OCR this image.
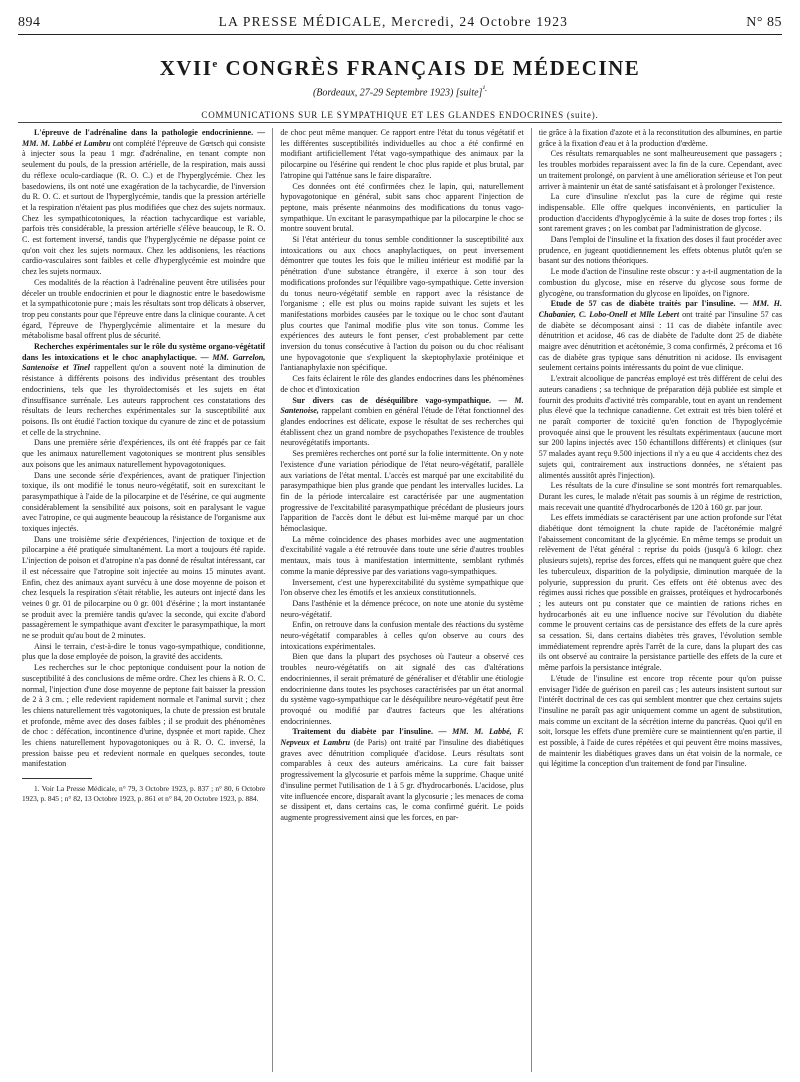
894	LA PRESSE MÉDICALE, Mercredi, 24 Octobre 1923	N° 85
XVIIe CONGRÈS FRANÇAIS DE MÉDECINE
(Bordeaux, 27-29 Septembre 1923) [suite]$^{^1.}$
COMMUNICATIONS SUR LE SYMPATHIQUE ET LES GLANDES ENDOCRINES (suite).

L'épreuve de l'adrénaline dans la pathologie endocrinienne. — MM. M. Labbé et Lambru ont complété l'épreuve de Gœtsch qui consiste à injecter sous la peau 1 mgr. d'adrénaline, en tenant compte non seulement du pouls, de la pression artérielle, de la respiration, mais aussi du réflexe oculo-cardiaque (R. O. C.) et de l'hyperglycémie. Chez les basedowiens, ils ont noté une exagération de la tachycardie, de l'inversion du R. O. C. et surtout de l'hyperglycémie, tandis que la pression artérielle et la respiration n'étaient pas plus modifiées que chez des sujets normaux. Chez les sympathicotoniques, la réaction tachycardique est variable, parfois très considérable, la pression artérielle s'élève beaucoup, le R. O. C. est fortement inversé, tandis que l'hyperglycémie ne dépasse point ce qu'on voit chez les sujets normaux. Chez les addisoniens, les réactions cardio-vasculaires sont faibles et celle d'hyperglycémie est moindre que chez les sujets normaux.

Ces modalités de la réaction à l'adrénaline peuvent être utilisées pour déceler un trouble endocrinien et pour le diagnostic entre le basedowisme et la sympathicotonie pure ; mais les résultats sont trop délicats à observer, trop peu constants pour que l'épreuve entre dans la clinique courante. A cet égard, l'épreuve de l'hyperglycémie alimentaire et la mesure du métabolisme basal offrent plus de sécurité.

Recherches expérimentales sur le rôle du système organo-végétatif dans les intoxications et le choc anaphylactique. — MM. Garrelon, Santenoise et Tinel rappellent qu'on a souvent noté la diminution de résistance à différents poisons des individus présentant des troubles endocriniens, tels que les thyroïdectomisés et les sujets en état d'insuffisance surrénale. Les auteurs rapprochent ces constatations des résultats de leurs recherches expérimentales sur la susceptibilité aux poisons. Ils ont étudié l'action toxique du cyanure de zinc et de potassium et celle de la strychnine.

Dans une première série d'expériences, ils ont été frappés par ce fait que les animaux naturellement vagotoniques se montrent plus sensibles aux poisons que les animaux naturellement hypovagotoniques.

Dans une seconde série d'expériences, avant de pratiquer l'injection toxique, ils ont modifié le tonus neuro-végétatif, soit en surexcitant le parasympathique à l'aide de la pilocarpine et de l'ésérine, ce qui augmente considérablement la sensibilité aux poisons, soit en paralysant le vague avec l'atropine, ce qui augmente beaucoup la résistance de l'organisme aux toxiques injectés.

Dans une troisième série d'expériences, l'injection de toxique et de pilocarpine a été pratiquée simultanément. La mort a toujours été rapide. L'injection de poison et d'atropine n'a pas donné de résultat intéressant, car il est nécessaire que l'atropine soit injectée au moins 15 minutes avant. Enfin, chez des animaux ayant survécu à une dose moyenne de poison et chez lesquels la respiration s'était rétablie, les auteurs ont injecté dans les veines 0 gr. 01 de pilocarpine ou 0 gr. 001 d'ésérine ; la mort instantanée se produit avec la première tandis qu'avec la seconde, qui excite d'abord passagèrement le sympathique avant d'exciter le parasympathique, la mort ne se produit qu'au bout de 2 minutes.

Ainsi le terrain, c'est-à-dire le tonus vago-sympathique, conditionne, plus que la dose employée de poison, la gravité des accidents.

Les recherches sur le choc peptonique conduisent pour la notion de susceptibilité à des conclusions de même ordre. Chez les chiens à R. O. C. normal, l'injection d'une dose moyenne de peptone fait baisser la pression de 2 à 3 cm. ; elle redevient rapidement normale et l'animal survit ; chez les chiens naturellement très vagotoniques, la chute de pression est brutale et profonde, même avec des doses faibles ; il se produit des phénomènes de choc : défécation, incontinence d'urine, dyspnée et mort rapide. Chez les chiens naturellement hypovagotoniques ou à R. O. C. inversé, la pression baisse peu et redevient normale en quelques secondes, toute manifestation

1. Voir La Presse Médicale, n° 79, 3 Octobre 1923, p. 837 ; n° 80, 6 Octobre 1923, p. 845 ; n° 82, 13 Octobre 1923, p. 861 et n° 84, 20 Octobre 1923, p. 884.

de choc peut même manquer. Ce rapport entre l'état du tonus végétatif et les différentes susceptibilités individuelles au choc a été confirmé en modifiant artificiellement l'état vago-sympathique des animaux par la pilocarpine ou l'ésérine qui rendent le choc plus rapide et plus brutal, par l'atropine qui l'atténue sans le faire disparaître.

Ces données ont été confirmées chez le lapin, qui, naturellement hypovagotonique en général, subit sans choc apparent l'injection de peptone, mais présente néanmoins des modifications du tonus vago-sympathique. Un excitant le parasympathique par la pilocarpine le choc se montre souvent brutal.

Si l'état antérieur du tonus semble conditionner la susceptibilité aux intoxications ou aux chocs anaphylactiques, on peut inversement démontrer que toutes les fois que le milieu intérieur est modifié par la pénétration d'une substance étrangère, il exerce à son tour des modifications profondes sur l'équilibre vago-sympathique. Cette inversion du tonus neuro-végétatif semble en rapport avec la résistance de l'organisme ; elle est plus ou moins rapide suivant les sujets et les manifestations morbides causées par le toxique ou le choc sont d'autant plus courtes que l'animal modifie plus vite son tonus. Comme les expériences des auteurs le font penser, c'est probablement par cette inversion du tonus consécutive à l'action du poison ou du choc réalisant une hypovagotonie que s'expliquent la skeptophylaxie protéinique et l'antianaphylaxie non spécifique.

Ces faits éclairent le rôle des glandes endocrines dans les phénomènes de choc et d'intoxication

Sur divers cas de déséquilibre vago-sympathique. — M. Santenoise, rappelant combien en général l'étude de l'état fonctionnel des glandes endocrines est délicate, expose le résultat de ses recherches qui établissent chez un grand nombre de psychopathes l'existence de troubles neurovégétatifs importants.

Ses premières recherches ont porté sur la folie intermittente. On y note l'existence d'une variation périodique de l'état neuro-végétatif, parallèle aux variations de l'état mental. L'accès est marqué par une excitabilité du parasympathique bien plus grande que pendant les intervalles lucides. La fin de la période intercalaire est caractérisée par une augmentation progressive de l'excitabilité parasympathique précédant de plusieurs jours l'apparition de l'accès dont le début est lui-même marqué par un choc hémoclasique.

La même coïncidence des phases morbides avec une augmentation d'excitabilité vagale a été retrouvée dans toute une série d'autres troubles mentaux, mais tous à manifestation intermittente, semblant rythmés comme la manie dépressive par des variations vago-sympathiques.

Inversement, c'est une hyperexcitabilité du système sympathique que l'on observe chez les émotifs et les anxieux constitutionnels.

Dans l'asthénie et la démence précoce, on note une atonie du système neuro-végétatif.

Enfin, on retrouve dans la confusion mentale des réactions du système neuro-végétatif comparables à celles qu'on observe au cours des intoxications expérimentales.

Bien que dans la plupart des psychoses où l'auteur a observé ces troubles neuro-végétatifs on ait signalé des cas d'altérations endocriniennes, il serait prématuré de généraliser et d'établir une étiologie endocrinienne dans toutes les psychoses caractérisées par un état anormal du système vago-sympathique car le déséquilibre neuro-végétatif peut être provoqué ou modifié par d'autres facteurs que les altérations endocriniennes.

Traitement du diabète par l'insuline. — MM. M. Labbé, F. Nepveux et Lambru (de Paris) ont traité par l'insuline des diabétiques graves avec dénutrition compliquée d'acidose. Leurs résultats sont comparables à ceux des auteurs américains. La cure fait baisser progressivement la glycosurie et parfois même la supprime. Chaque unité d'insuline permet l'utilisation de 1 à 5 gr. d'hydrocarbonés. L'acidose, plus vite influencée encore, disparaît avant la glycosurie ; les menaces de coma se dissipent et, dans certains cas, le coma confirmé guérit. Le poids augmente progressivement ainsi que les forces, en par-

tie grâce à la fixation d'azote et à la reconstitution des albumines, en partie grâce à la fixation d'eau et à la production d'œdème.

Ces résultats remarquables ne sont malheureusement que passagers ; les troubles morbides reparaissent avec la fin de la cure. Cependant, avec un traitement prolongé, on parvient à une amélioration sérieuse et l'on peut arriver à maintenir un état de santé satisfaisant et à prolonger l'existence.

La cure d'insuline n'exclut pas la cure de régime qui reste indispensable. Elle offre quelques inconvénients, en particulier la production d'accidents d'hypoglycémie à la suite de doses trop fortes ; ils sont rarement graves ; on les combat par l'administration de glycose.

Dans l'emploi de l'insuline et la fixation des doses il faut procéder avec prudence, en jugeant quotidiennement les effets obtenus plutôt qu'en se basant sur des notions théoriques.

Le mode d'action de l'insuline reste obscur : y a-t-il augmentation de la combustion du glycose, mise en réserve du glycose sous forme de glycogène, ou transformation du glycose en lipoïdes, on l'ignore.

Etude de 57 cas de diabète traités par l'insuline. — MM. H. Chabanier, C. Lobo-Onell et Mlle Lebert ont traité par l'insuline 57 cas de diabète se décomposant ainsi : 11 cas de diabète infantile avec dénutrition et acidose, 46 cas de diabète de l'adulte dont 25 de diabète maigre avec dénutrition et acétonémie, 3 coma confirmés, 2 précoma et 16 cas de diabète gras typique sans dénutrition ni acidose. Ils envisagent seulement certains points intéressants du point de vue clinique.

L'extrait alcoolique de pancréas employé est très différent de celui des auteurs canadiens ; sa technique de préparation déjà publiée est simple et fournit des produits d'activité très comparable, tout en ayant un rendement plus élevé que la technique canadienne. Cet extrait est très bien toléré et ne paraît comporter de toxicité qu'en fonction de l'hypoglycémie provoquée ainsi que le prouvent les résultats expérimentaux (aucune mort sur 200 lapins injectés avec 150 échantillons différents) et cliniques (sur 57 malades ayant reçu 9.500 injections il n'y a eu que 4 accidents chez des sujets qui, contrairement aux instructions données, ne s'étaient pas alimentés aussitôt après l'injection).

Les résultats de la cure d'insuline se sont montrés fort remarquables. Durant les cures, le malade n'était pas soumis à un régime de restriction, mais recevait une quantité d'hydrocarbonés de 120 à 160 gr. par jour.

Les effets immédiats se caractérisent par une action profonde sur l'état diabétique dont témoignent la chute rapide de l'acétonémie malgré l'abaissement concomitant de la glycémie. En même temps se produit un relèvement de l'état général : reprise du poids (jusqu'à 6 kilogr. chez plusieurs sujets), reprise des forces, effets qui ne manquent guère que chez les tuberculeux, disparition de la polydipsie, diminution marquée de la polyurie, suppression du prurit. Ces effets ont été obtenus avec des régimes aussi riches que possible en graisses, protéiques et hydrocarbonés ; les auteurs ont pu constater que ce maintien de rations riches en hydrocarbonés ait eu une influence nocive sur l'évolution du diabète comme le prouvent certains cas de persistance des effets de la cure après sa cessation. Si, dans certains diabètes très graves, l'évolution semble immédiatement reprendre après l'arrêt de la cure, dans la plupart des cas ils ont observé au contraire la persistance partielle des effets de la cure et même parfois la persistance intégrale.

L'étude de l'insuline est encore trop récente pour qu'on puisse envisager l'idée de guérison en pareil cas ; les auteurs insistent surtout sur l'intérêt doctrinal de ces cas qui semblent montrer que chez certains sujets l'insuline ne paraît pas agir uniquement comme un agent de substitution, mais comme un excitant de la sécrétion interne du pancréas. Quoi qu'il en soit, lorsque les effets d'une première cure se maintiennent qu'en partie, il est possible, à l'aide de cures répétées et qui peuvent être moins massives, de maintenir les diabétiques graves dans un état voisin de la normale, ce qui légitime la conception d'un traitement de fond par l'insuline.
